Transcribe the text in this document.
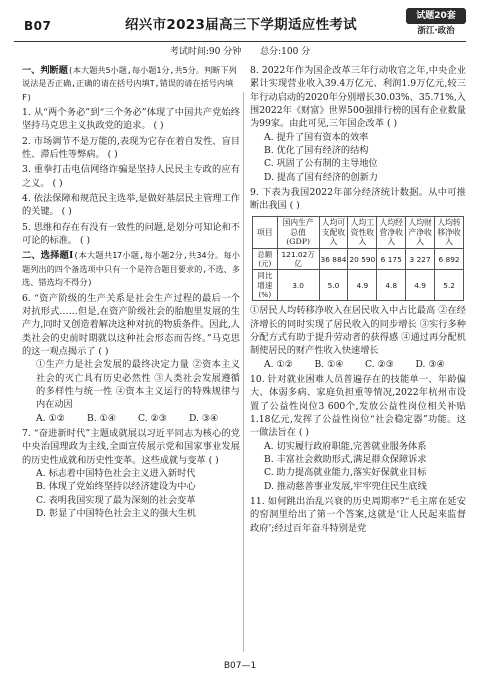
B07	绍兴市2023届高三下学期适应性考试
试题20套
浙江·政治
考试时间:90 分钟 总分:100 分
一、判断题(本大题共5小题,每小题1分,共5分。判断下列说法是否正确,正确的请在括号内填T,错误的请在括号内填F)
1. 从“两个务必”到“三个务必”体现了中国共产党始终坚持马克思主义执政党的追求。 ( )
2. 市场调节不是万能的,表现为它存在着自发性、盲目性、滞后性等弊病。 ( )
3. 重拳打击电信网络诈骗是坚持人民民主专政的应有之义。 ( )
4. 依法保障和规范民主选举,是做好基层民主管理工作的关键。 ( )
5. 思维和存在有没有一致性的问题,是划分可知论和不可论的标准。 ( )
二、选择题Ⅰ(本大题共17小题,每小题2分,共34分。每小题列出的四个备选项中只有一个是符合题目要求的,不选、多选、错选均不得分)
6. “资产阶级的生产关系是社会生产过程的最后一个对抗形式……但是,在资产阶级社会的胎胞里发展的生产力,同时又创造着解决这种对抗的物质条件。因此,人类社会的史前时期就以这种社会形态而告终。”马克思的这一观点揭示了 ( )
①生产力是社会发展的最终决定力量 ②资本主义社会的灭亡具有历史必然性 ③人类社会发展遵循的多样性与统一性 ④资本主义运行的特殊规律与内在动因
A. ①②	B. ①④	C. ②③	D. ③④
7. “奋进新时代”主题成就展以习近平同志为核心的党中央治国理政为主线,全面宣传展示党和国家事业发展的历史性成就和历史性变革。这些成就与变革 ( )
A. 标志着中国特色社会主义进入新时代
B. 体现了党始终坚持以经济建设为中心
C. 表明我国实现了最为深刻的社会变革
D. 彰显了中国特色社会主义的强大生机
8. 2022年作为国企改革三年行动收官之年,中央企业累计实现营业收入39.4万亿元、利润1.9万亿元,较三年行动启动的2020年分别增长30.03%、35.71%,入围2022年《财富》世界500强排行榜的国有企业数量为99家。由此可见,三年国企改革 ( )
A. 提升了国有资本的效率
B. 优化了国有经济的结构
C. 巩固了公有制的主导地位
D. 提高了国有经济的创新力
9. 下表为我国2022年部分经济统计数据。从中可推断出我国 ( )
项目	国内生产总值(GDP)	人均可支配收入	人均工资性收入	人均经营净收入	人均财产净收入	人均转移净收入
总额(元)	121.02万亿	36 884	20 590	6 175	3 227	6 892
同比增速(%)	3.0	5.0	4.9	4.8	4.9	5.2
①居民人均转移净收入在居民收入中占比最高 ②在经济增长的同时实现了居民收入的同步增长 ③实行多种分配方式有助于提升劳动者的获得感 ④通过再分配机制使居民的财产性收入快速增长
A. ①②	B. ①④	C. ②③	D. ③④
10. 针对就业困难人员普遍存在的技能单一、年龄偏大、体弱多病、家庭负担重等情况,2022年杭州市设置了公益性岗位3 600个,发放公益性岗位相关补贴1.18亿元,发挥了公益性岗位“社会稳定器”功能。这一做法旨在 ( )
A. 切实履行政府职能,完善就业服务体系
B. 丰富社会救助形式,满足群众保障诉求
C. 助力提高就业能力,落实好保就业目标
D. 推动慈善事业发展,牢牢兜住民生底线
11. 如何跳出治乱兴衰的历史周期率?“毛主席在延安的窑洞里给出了第一个答案,这就是‘让人民起来监督政府’;经过百年奋斗特别是党
B07—1
